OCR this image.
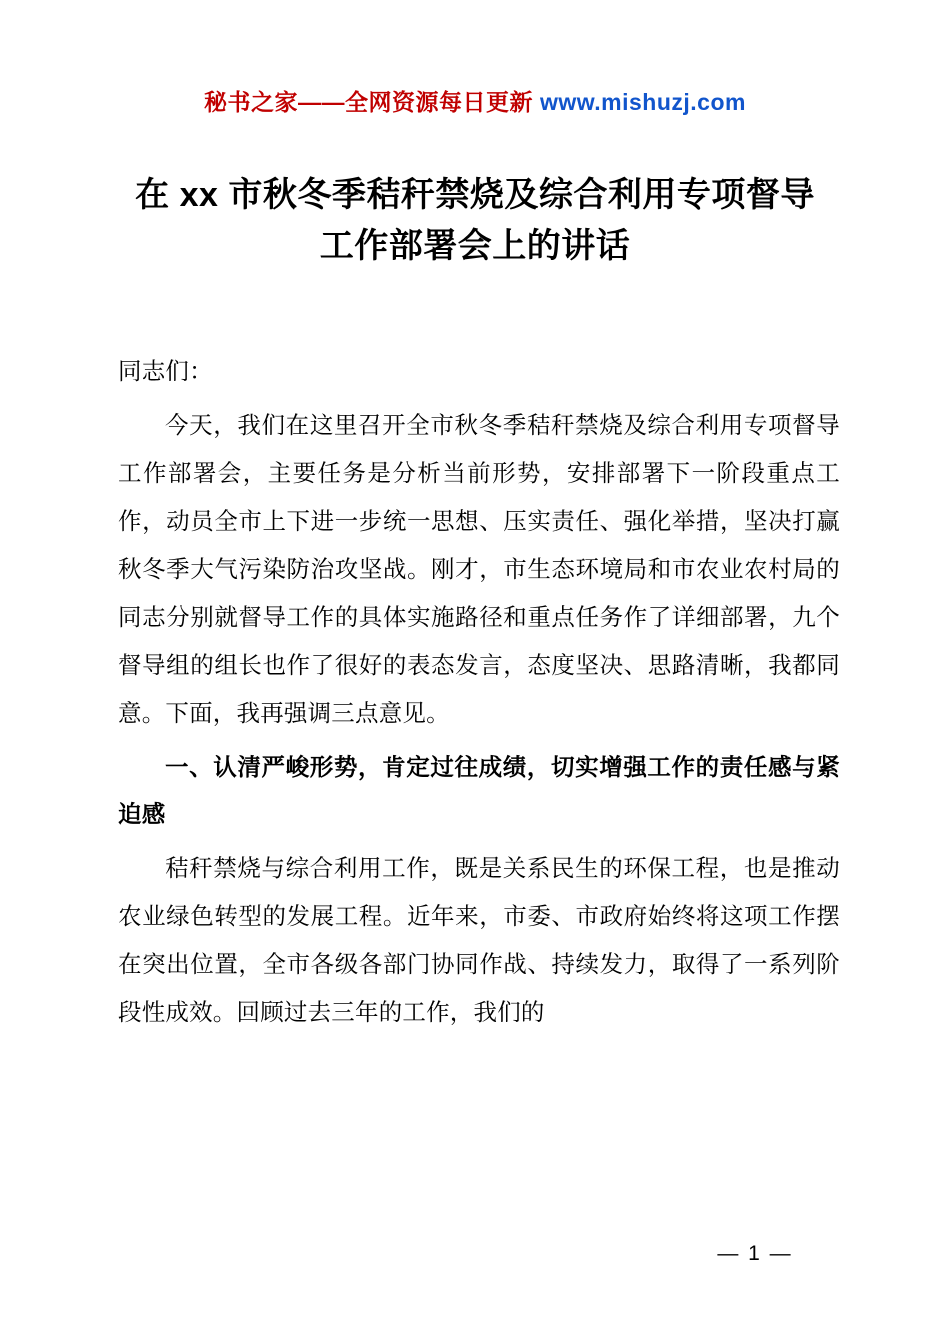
秘书之家——全网资源每日更新 www.mishuzj.com
在 xx 市秋冬季秸秆禁烧及综合利用专项督导工作部署会上的讲话

同志们：

今天，我们在这里召开全市秋冬季秸秆禁烧及综合利用专项督导工作部署会，主要任务是分析当前形势，安排部署下一阶段重点工作，动员全市上下进一步统一思想、压实责任、强化举措，坚决打赢秋冬季大气污染防治攻坚战。刚才，市生态环境局和市农业农村局的同志分别就督导工作的具体实施路径和重点任务作了详细部署，九个督导组的组长也作了很好的表态发言，态度坚决、思路清晰，我都同意。下面，我再强调三点意见。

一、认清严峻形势，肯定过往成绩，切实增强工作的责任感与紧迫感

秸秆禁烧与综合利用工作，既是关系民生的环保工程，也是推动农业绿色转型的发展工程。近年来，市委、市政府始终将这项工作摆在突出位置，全市各级各部门协同作战、持续发力，取得了一系列阶段性成效。回顾过去三年的工作，我们的

— 1 —
